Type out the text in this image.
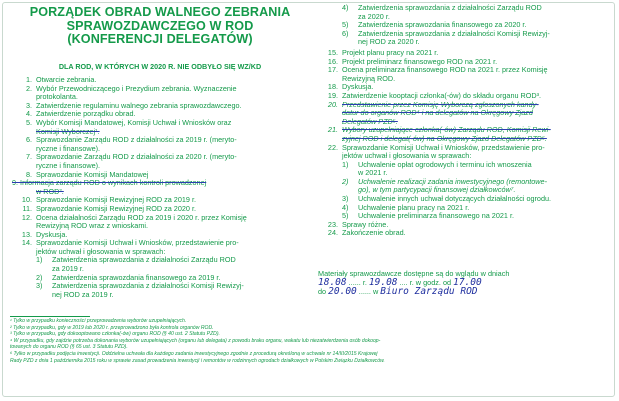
PORZĄDEK OBRAD WALNEGO ZEBRANIA
SPRAWOZDAWCZEGO W ROD
(KONFERENCJI DELEGATÓW)
DLA ROD, W KTÓRYCH W 2020 R. NIE ODBYŁO SIĘ WZ/KD
1. Otwarcie zebrania.
2. Wybór Przewodniczącego i Prezydium zebrania. Wyznaczenie
protokolanta.
3. Zatwierdzenie regulaminu walnego zebrania sprawozdawczego.
4. Zatwierdzenie porządku obrad.
5. Wybór Komisji Mandatowej, Komisji Uchwał i Wniosków oraz
Komisji Wyborczej¹.
6. Sprawozdanie Zarządu ROD z działalności za 2019 r. (meryto-
ryczne i finansowe).
7. Sprawozdanie Zarządu ROD z działalności za 2020 r. (meryto-
ryczne i finansowe).
8. Sprawozdanie Komisji Mandatowej
9. Informacja zarządu ROD o wynikach kontroli prowadzonej
w ROD².
10. Sprawozdanie Komisji Rewizyjnej ROD za 2019 r.
11. Sprawozdanie Komisji Rewizyjnej ROD za 2020 r.
12. Ocena działalności Zarządu ROD za 2019 i 2020 r. przez Komisję
Rewizyjną ROD wraz z wnioskami.
13. Dyskusja.
14. Sprawozdanie Komisji Uchwał i Wniosków, przedstawienie pro-
jektów uchwał i głosowania w sprawach:
1)	Zatwierdzenia sprawozdania z działalności Zarządu ROD
za 2019 r.
2)	Zatwierdzenia sprawozdania finansowego za 2019 r.
3)	Zatwierdzenia sprawozdania z działalności Komisji Rewizyj-
nej ROD za 2019 r.
4)	Zatwierdzenia sprawozdania z działalności Zarządu ROD
za 2020 r.
5)	Zatwierdzenia sprawozdania finansowego za 2020 r.
6)	Zatwierdzenia sprawozdania z działalności Komisji Rewizyj-
nej ROD za 2020 r.
15. Projekt planu pracy na 2021 r.
16. Projekt preliminarz finansowego ROD na 2021 r.
17. Ocena preliminarza finansowego ROD na 2021 r. przez Komisję
Rewizyjną ROD.
18. Dyskusja.
19. Zatwierdzenie kooptacji członka(-ów) do składu organu ROD³.
20. Przedstawienie przez Komisję Wyborczą zgłoszonych kandy-
datur do organów ROD⁴ i na delegatów na Okręgowy Zjazd
Delegatów PZD⁵.
21. Wybory uzupełniające członka(-ów) Zarządu ROD, Komisji Rewi-
zyjnej ROD i delegat(-ów) na Okręgowy Zjazd Delegatów PZD⁶.
22. Sprawozdanie Komisji Uchwał i Wniosków, przedstawienie pro-
jektów uchwał i głosowania w sprawach:
1)	Uchwalenie opłat ogrodowych i terminu ich wnoszenia
w 2021 r.
2)	Uchwalenie realizacji zadania inwestycyjnego (remontowe-
go), w tym partycypacji finansowej działkowców⁷.
3)	Uchwalenie innych uchwał dotyczących działalności ogrodu.
4)	Uchwalenie planu pracy na 2021 r.
5)	Uchwalenie preliminarza finansowego na 2021 r.
23. Sprawy różne.
24. Zakończenie obrad.
Materiały sprawozdawcze dostępne są do wglądu w dniach
18.08 ...... r. 19.08 .... r. w godz. od 17.00
do 20.00 ...... w Biuro Zarządu ROD

¹ Tylko w przypadku konieczności przeprowadzenia wyborów uzupełniających.

² Tylko w przypadku, gdy w 2019 lub 2020 r. przeprowadzono była kontrola organów ROD.

³ Tylko w przypadku, gdy dokooptowano członka(-ów) organu ROD (§ 40 ust. 2 Statutu PZD).

⁴ W przypadku, gdy zajdzie potrzeba dokonania wyborów uzupełniających (organu lub delegata) z powodu braku organu, wakatu lub niezatwierdzenia osób dokoop-

towanych do organu ROD (§ 65 ust. 3 Statutu PZD).

⁶ Tylko w przypadku podjęcia inwestycji. Oddzielna uchwała dla każdego zadania inwestycyjnego zgodnie z procedurą określoną w uchwale nr 14/III/2015 Krajowej

Rady PZD z dnia 1 października 2015 roku w sprawie zasad prowadzenia inwestycji i remontów w rodzinnych ogrodach działkowych w Polskim Związku Działkowców.
